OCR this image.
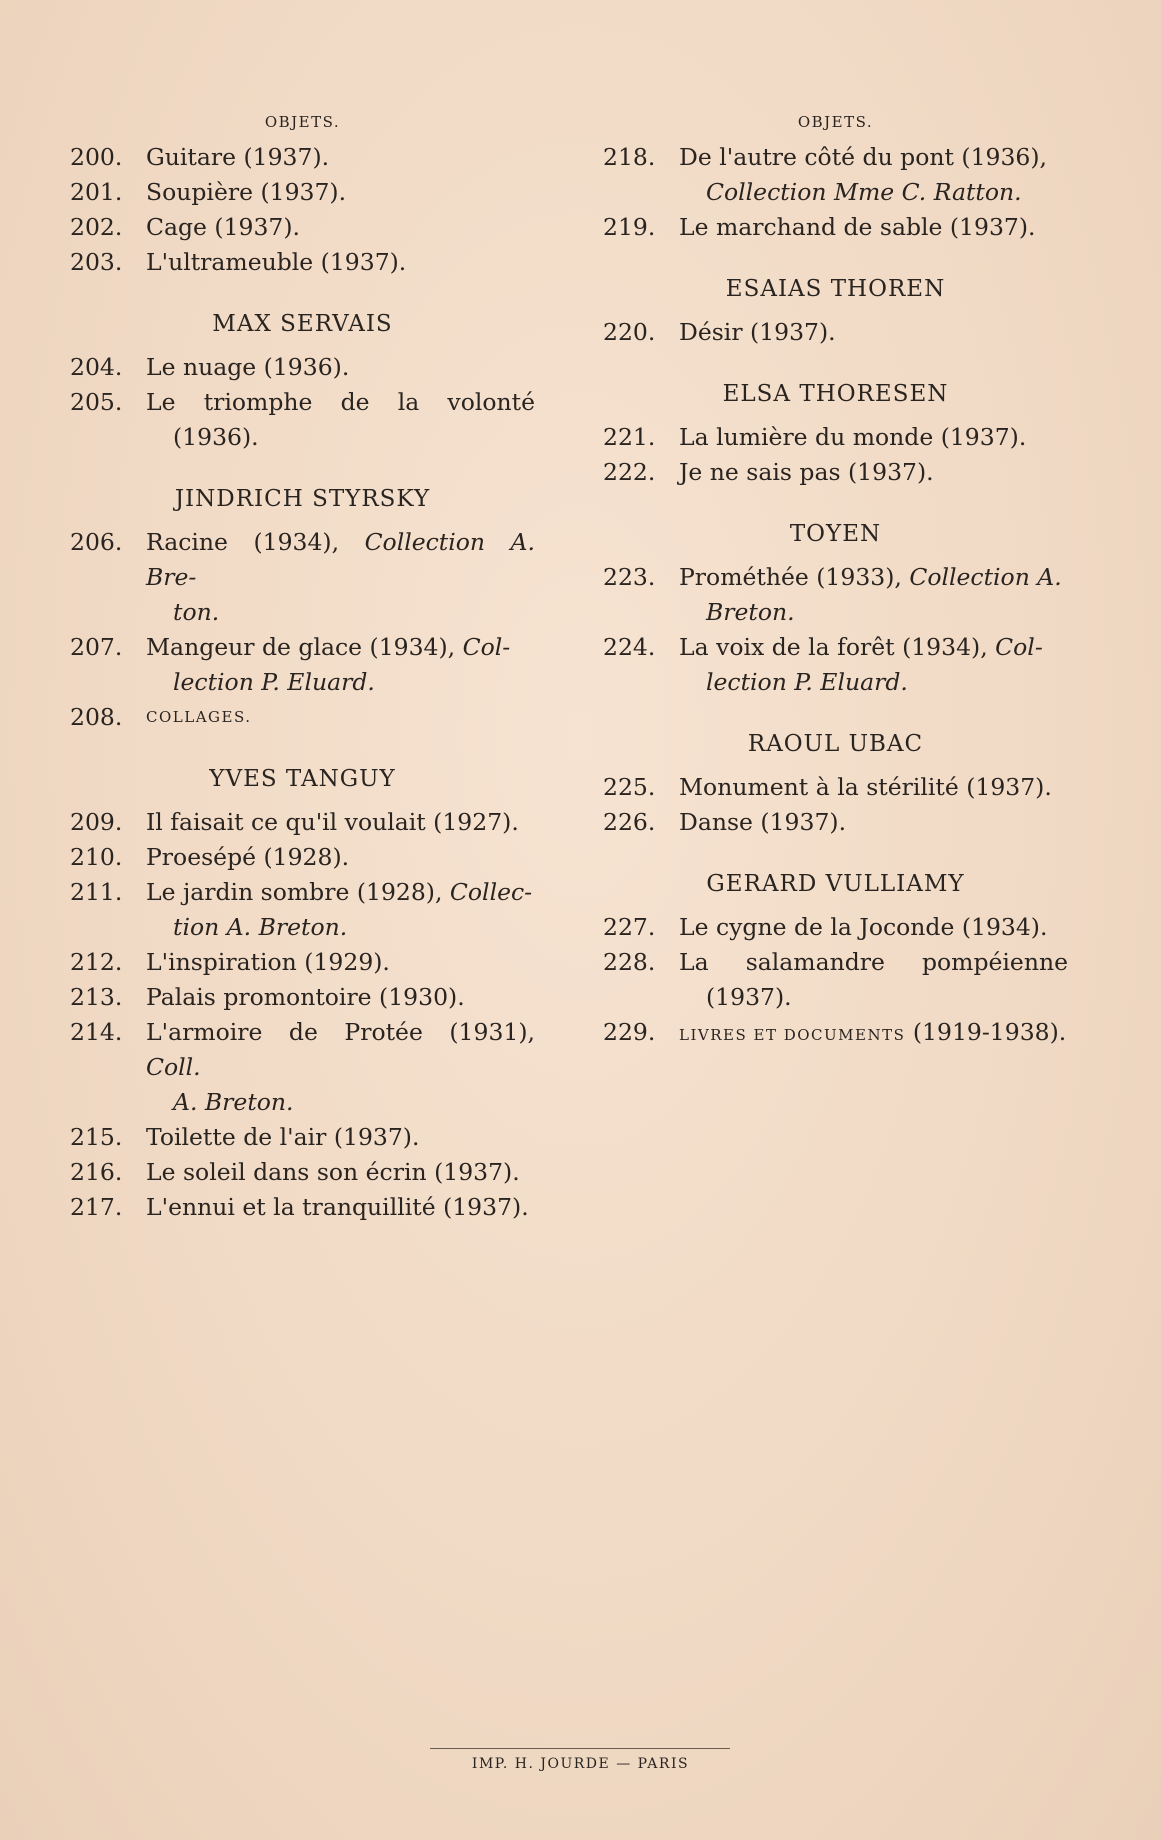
OBJETS.
200.	Guitare (1937).
201.	Soupière (1937).
202.	Cage (1937).
203.	L'ultrameuble (1937).
MAX SERVAIS
204.	Le nuage (1936).
205.	Le triomphe de la volonté
(1936).
JINDRICH STYRSKY
206.	Racine (1934), Collection A. Bre-
ton.
207.	Mangeur de glace (1934), Col-
lection P. Eluard.
208.	COLLAGES.
YVES TANGUY
209.	Il faisait ce qu'il voulait (1927).
210.	Proesépé (1928).
211.	Le jardin sombre (1928), Collec-
tion A. Breton.
212.	L'inspiration (1929).
213.	Palais promontoire (1930).
214.	L'armoire de Protée (1931), Coll.
A. Breton.
215.	Toilette de l'air (1937).
216.	Le soleil dans son écrin (1937).
217.	L'ennui et la tranquillité (1937).
OBJETS.
218.	De l'autre côté du pont (1936),
Collection Mme C. Ratton.
219.	Le marchand de sable (1937).
ESAIAS THOREN
220.	Désir (1937).
ELSA THORESEN
221.	La lumière du monde (1937).
222.	Je ne sais pas (1937).
TOYEN
223.	Prométhée (1933), Collection A.
Breton.
224.	La voix de la forêt (1934), Col-
lection P. Eluard.
RAOUL UBAC
225.	Monument à la stérilité (1937).
226.	Danse (1937).
GERARD VULLIAMY
227.	Le cygne de la Joconde (1934).
228.	La salamandre pompéienne
(1937).
229.	LIVRES ET DOCUMENTS (1919-1938).
IMP. H. JOURDE — PARIS
